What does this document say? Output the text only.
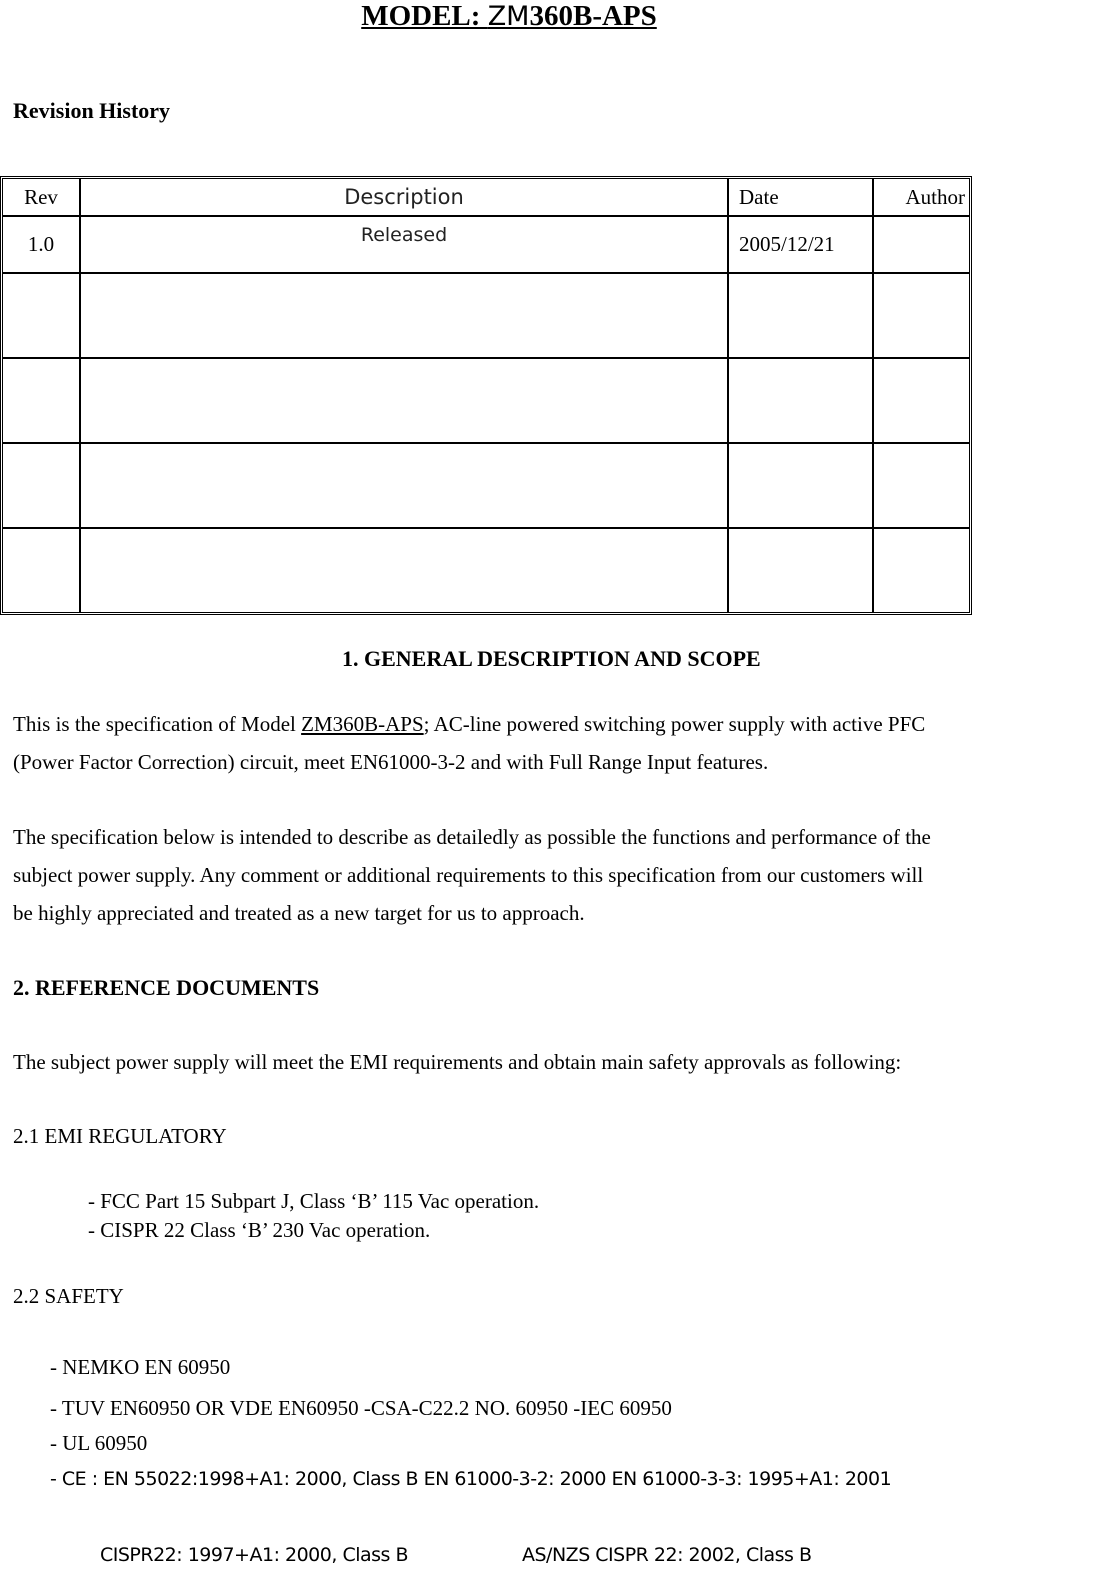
MODEL: ZM360B-APS
Revision History
Rev	Description	Date	Author
1.0	Released	2005/12/21	

1. GENERAL DESCRIPTION AND SCOPE
This is the specification of Model ZM360B-APS; AC-line powered switching power supply with active PFC
(Power Factor Correction) circuit, meet EN61000-3-2 and with Full Range Input features.
The specification below is intended to describe as detailedly as possible the functions and performance of the
subject power supply. Any comment or additional requirements to this specification from our customers will
be highly appreciated and treated as a new target for us to approach.
2. REFERENCE DOCUMENTS
The subject power supply will meet the EMI requirements and obtain main safety approvals as following:
2.1 EMI REGULATORY
- FCC Part 15 Subpart J, Class ‘B’ 115 Vac operation.
- CISPR 22 Class ‘B’ 230 Vac operation.
2.2 SAFETY
- NEMKO EN 60950
- TUV EN60950 OR VDE EN60950 -CSA-C22.2 NO. 60950 -IEC 60950
- UL 60950
- CE : EN 55022:1998+A1: 2000, Class B EN 61000-3-2: 2000 EN 61000-3-3: 1995+A1: 2001
CISPR22: 1997+A1: 2000, Class B	AS/NZS CISPR 22: 2002, Class B
